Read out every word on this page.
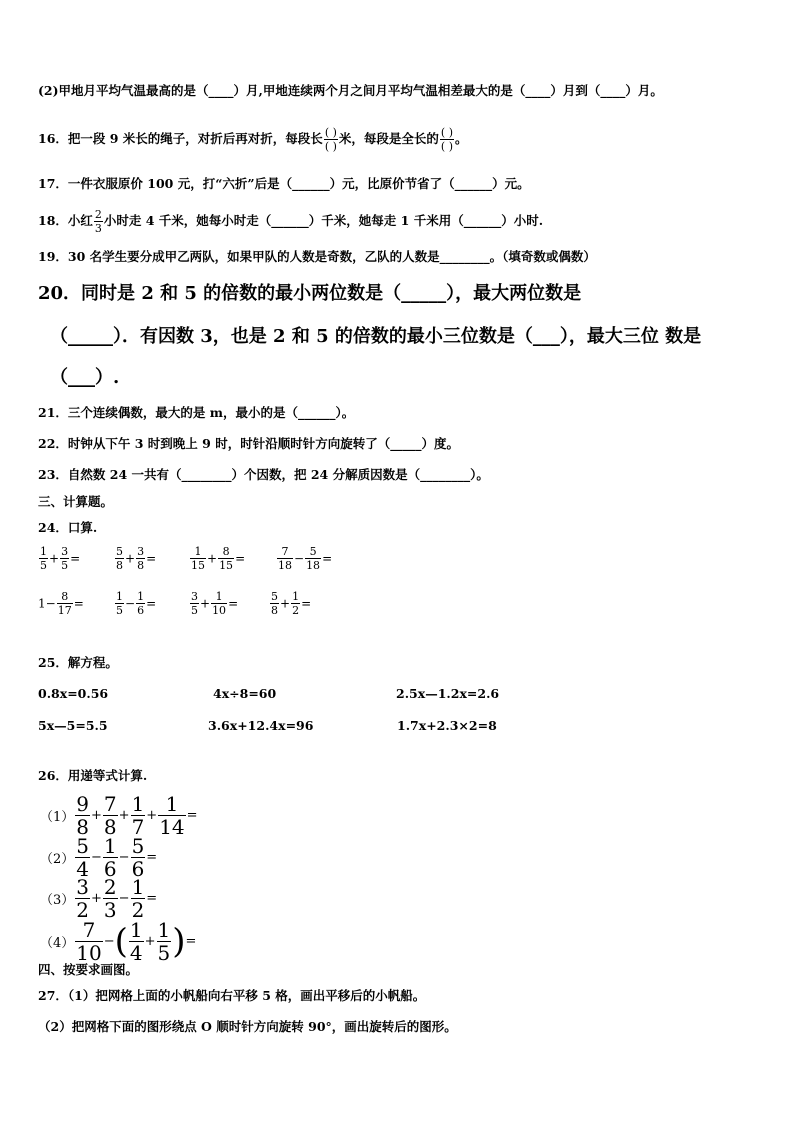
(2)甲地月平均气温最高的是（____）月,甲地连续两个月之间月平均气温相差最大的是（____）月到（____）月。
16．把一段 9 米长的绳子，对折后再对折，每段长 $\frac{( )}{( )}$ 米，每段是全长的 $\frac{( )}{( )}$ 。
17．一件衣服原价 100 元，打“六折”后是（______）元，比原价节省了（______）元。
18．小红 $\frac{2}{3}$ 小时走 4 千米，她每小时走（______）千米，她每走 1 千米用（______）小时.
19．30 名学生要分成甲乙两队，如果甲队的人数是奇数，乙队的人数是________。（填奇数或偶数）
20．同时是 2 和 5 的倍数的最小两位数是（_____），最大两位数是
（_____）．有因数 3，也是 2 和 5 的倍数的最小三位数是（___），最大三位 数是
（___）.
21．三个连续偶数，最大的是 m，最小的是（______）。
22．时钟从下午 3 时到晚上 9 时，时针沿顺时针方向旋转了（_____）度。
23．自然数 24 一共有（________）个因数，把 24 分解质因数是（________）。
三、计算题。
24．口算.
$\frac{1}{5} + \frac{3}{5}$ =	$\frac{5}{8} + \frac{3}{8}$ =	$\frac{1}{15} + \frac{8}{15}$ =	$\frac{7}{18} - \frac{5}{18}$ =
$1- \frac{8}{17}$ =	$\frac{1}{5} - \frac{1}{6}$ =	$\frac{3}{5} + \frac{1}{10}$ =	$\frac{5}{8} + \frac{1}{2}$ =
25．解方程。
0.8x=0.56	4x÷8=60	2.5x—1.2x=2.6
5x—5=5.5	3.6x+12.4x=96	1.7x+2.3×2=8
26．用递等式计算.
$(1) \frac{9}{8} + \frac{7}{8} + \frac{1}{7} + \frac{1}{14}$ =
$(2) \frac{5}{4} - \frac{1}{6} - \frac{5}{6}$ =
$(3) \frac{3}{2} + \frac{2}{3} - \frac{1}{2}$ =
$(4) \frac{7}{10}$ −( $\frac{1}{4} + \frac{1}{5}$ )=
四、按要求画图。
27．（1）把网格上面的小帆船向右平移 5 格，画出平移后的小帆船。
（2）把网格下面的图形绕点 O 顺时针方向旋转 90°，画出旋转后的图形。
